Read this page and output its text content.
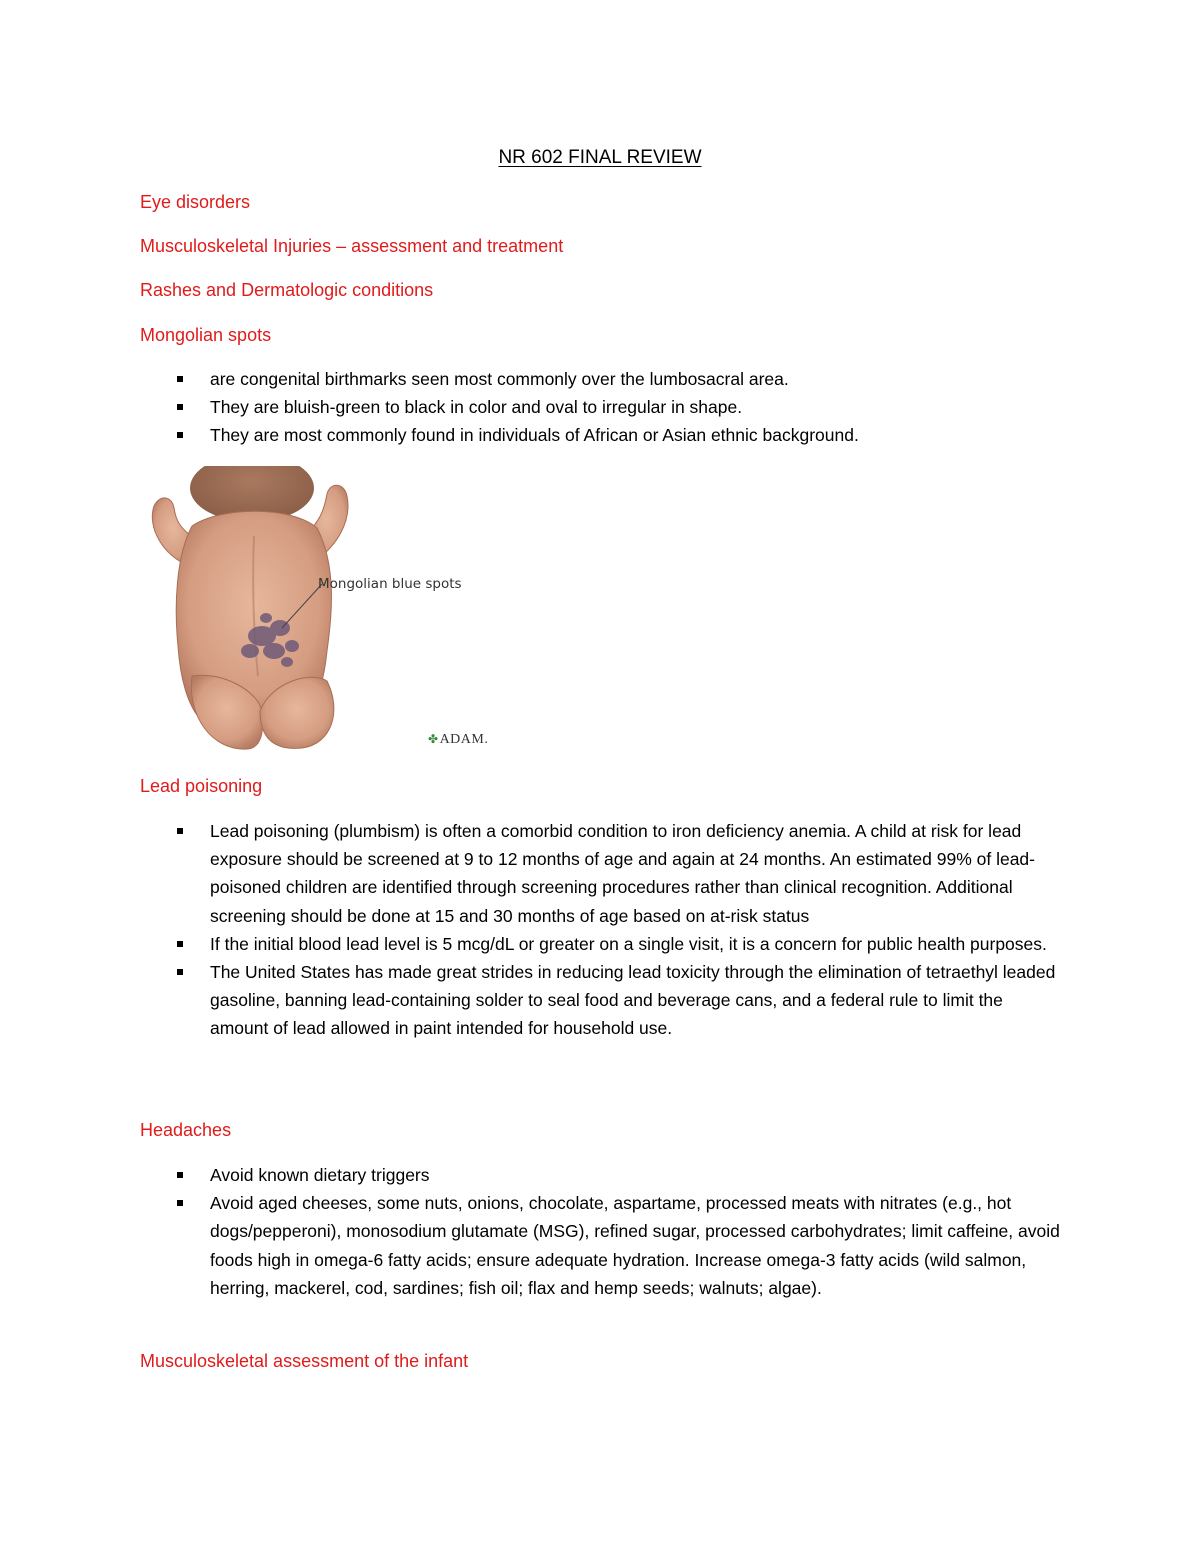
NR 602 FINAL REVIEW
Eye disorders
Musculoskeletal Injuries – assessment and treatment
Rashes and Dermatologic conditions
Mongolian spots
are congenital birthmarks seen most commonly over the lumbosacral area.
They are bluish-green to black in color and oval to irregular in shape.
They are most commonly found in individuals of African or Asian ethnic background.
Mongolian blue spots
✤ADAM.
Lead poisoning
Lead poisoning (plumbism) is often a comorbid condition to iron deficiency anemia. A child at risk for lead exposure should be screened at 9 to 12 months of age and again at 24 months. An estimated 99% of lead-poisoned children are identified through screening procedures rather than clinical recognition. Additional screening should be done at 15 and 30 months of age based on at-risk status
If the initial blood lead level is 5 mcg/dL or greater on a single visit, it is a concern for public health purposes.
The United States has made great strides in reducing lead toxicity through the elimination of tetraethyl leaded gasoline, banning lead-containing solder to seal food and beverage cans, and a federal rule to limit the amount of lead allowed in paint intended for household use.
Headaches
Avoid known dietary triggers
Avoid aged cheeses, some nuts, onions, chocolate, aspartame, processed meats with nitrates (e.g., hot dogs/pepperoni), monosodium glutamate (MSG), refined sugar, processed carbohydrates; limit caffeine, avoid foods high in omega-6 fatty acids; ensure adequate hydration. Increase omega-3 fatty acids (wild salmon, herring, mackerel, cod, sardines; fish oil; flax and hemp seeds; walnuts; algae).
Musculoskeletal assessment of the infant
